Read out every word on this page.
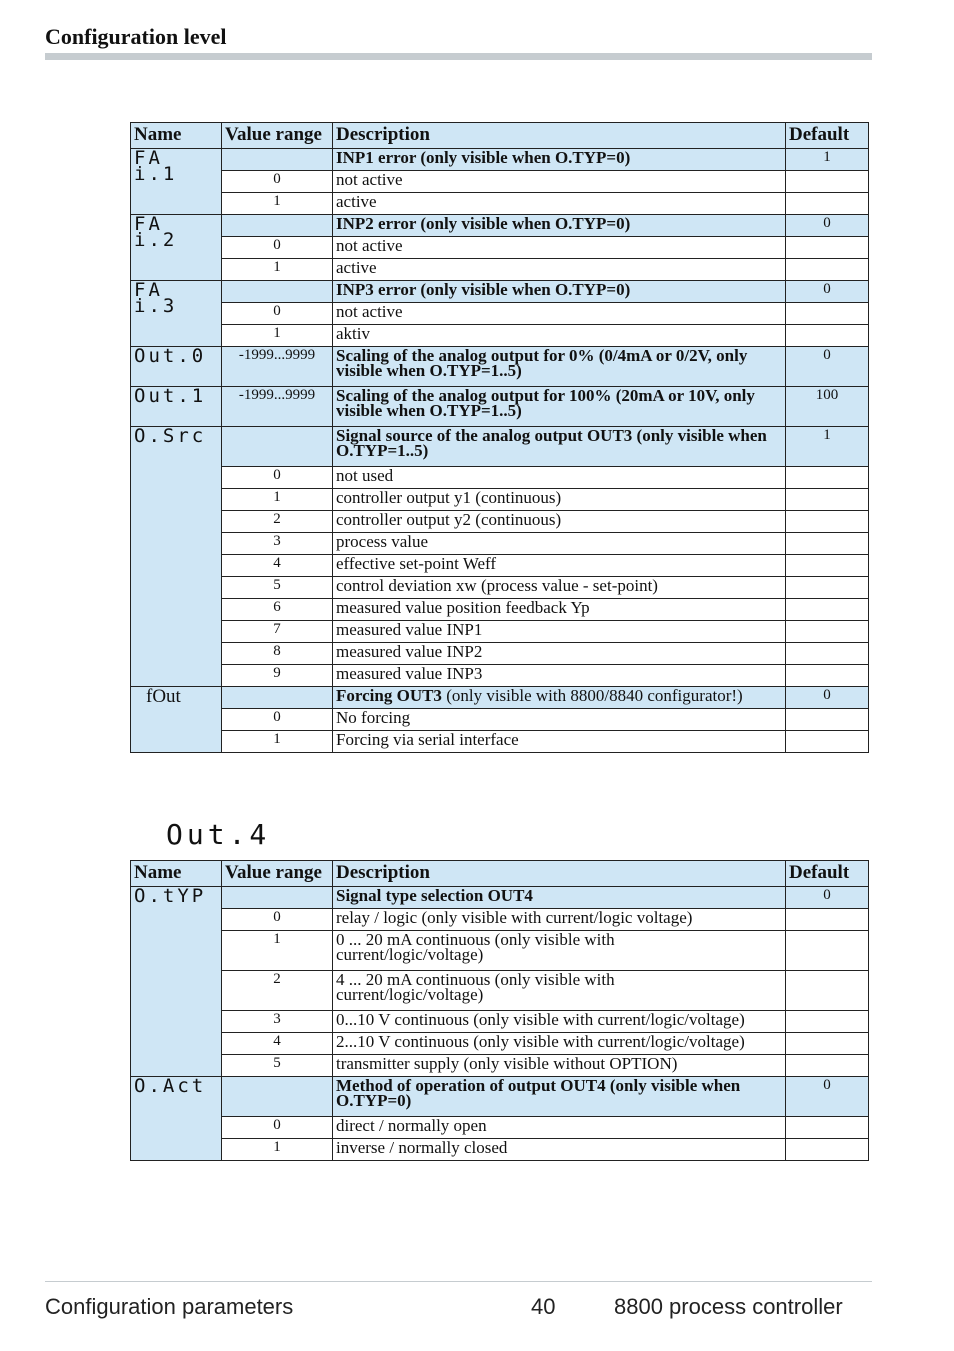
Configuration level
Name	Value range	Description	Default
FA i.1		INP1 error (only visible when O.TYP=0)	1
	0	not active	
	1	active	
FA i.2		INP2 error (only visible when O.TYP=0)	0
	0	not active	
	1	active	
FA i.3		INP3 error (only visible when O.TYP=0)	0
	0	not active	
	1	aktiv	
Out.0	-1999...9999	Scaling of the analog output for 0% (0/4mA or 0/2V, only visible when O.TYP=1..5)	0
Out.1	-1999...9999	Scaling of the analog output for 100% (20mA or 10V, only visible when O.TYP=1..5)	100
O.Src		Signal source of the analog output OUT3 (only visible when O.TYP=1..5)	1
	0	not used	
	1	controller output y1 (continuous)	
	2	controller output y2 (continuous)	
	3	process value	
	4	effective set-point Weff	
	5	control deviation xw (process value - set-point)	
	6	measured value position feedback Yp	
	7	measured value INP1	
	8	measured value INP2	
	9	measured value INP3	
fOut		Forcing OUT3 (only visible with 8800/8840 configurator!)	0
	0	No forcing	
	1	Forcing via serial interface	
Out.4
Name	Value range	Description	Default
O.tYP		Signal type selection OUT4	0
	0	relay / logic (only visible with current/logic voltage)	
	1	0 ... 20 mA continuous (only visible with current/logic/voltage)	
	2	4 ... 20 mA continuous (only visible with current/logic/voltage)	
	3	0...10 V continuous (only visible with current/logic/voltage)	
	4	2...10 V continuous (only visible with current/logic/voltage)	
	5	transmitter supply (only visible without OPTION)	
O.Act		Method of operation of output OUT4 (only visible when O.TYP=0)	0
	0	direct / normally open	
	1	inverse / normally closed	
Configuration parameters	40	8800 process controller
